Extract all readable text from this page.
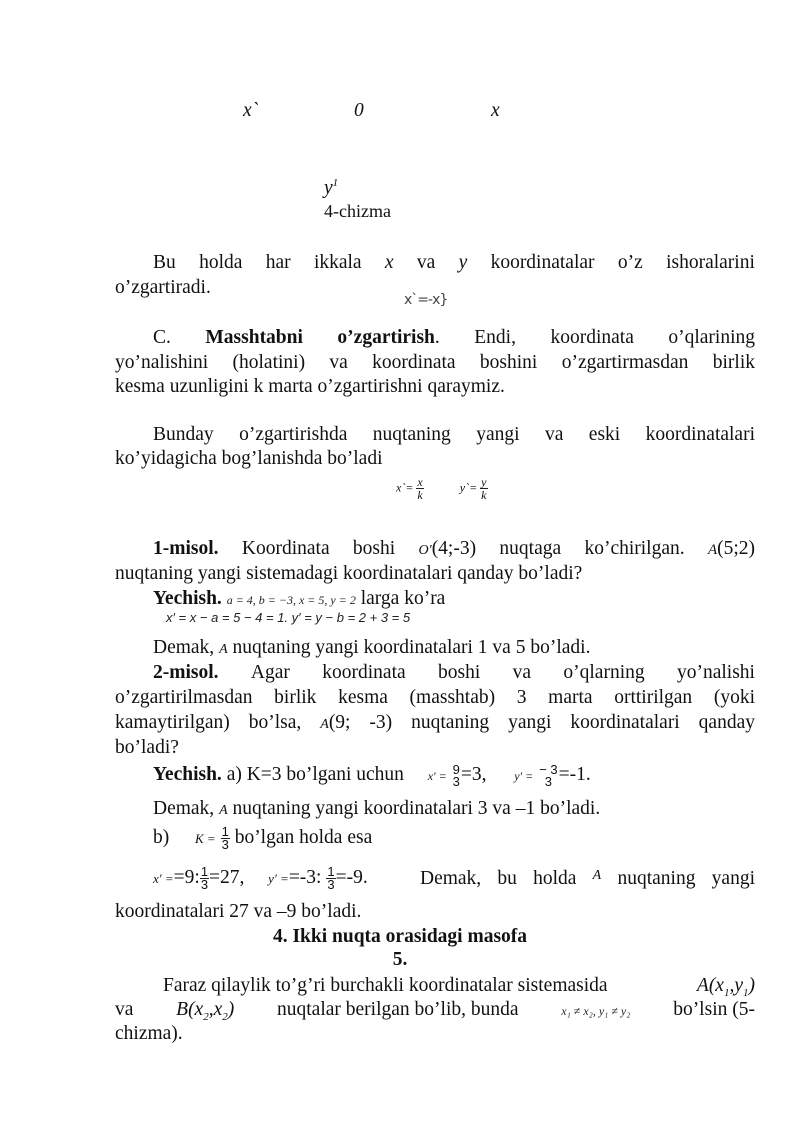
x`	0	x
$y^1$
4-chizma
Bu holda har ikkala x va y koordinatalar o’z ishoralarini
o’zgartiradi.
x`=-x}
C. Masshtabni o’zgartirish. Endi, koordinata o’qlarining
yo’nalishini (holatini) va koordinata boshini o’zgartirmasdan birlik
kesma uzunligini k marta o’zgartirishni qaraymiz.
Bunday o’zgartirishda nuqtaning yangi va eski koordinatalari
ko’yidagicha bog’lanishda bo’ladi
x`= $\frac{x}{k}$	y`= $\frac{y}{k}$
1-misol. Koordinata boshi O′(4;-3) nuqtaga ko’chirilgan. A(5;2)
nuqtaning yangi sistemadagi koordinatalari qanday bo’ladi?
Yechish. a = 4, b = −3, x = 5, y = 2 larga ko’ra
x′ = x − a = 5 − 4 = 1. y′ = y − b = 2 + 3 = 5
Demak, A nuqtaning yangi koordinatalari 1 va 5 bo’ladi.
2-misol. Agar koordinata boshi va o’qlarning yo’nalishi
o’zgartirilmasdan birlik kesma (masshtab) 3 marta orttirilgan (yoki
kamaytirilgan) bo’lsa, A(9; -3) nuqtaning yangi koordinatalari qanday
bo’ladi?
Yechish. a) K=3 bo’lgani uchun x′ = 9
3 =3, y′ = − 3
3 =-1.
Demak, A nuqtaning yangi koordinatalari 3 va –1 bo’ladi.
b) $K = \frac{1}{3}$ bo’lgan holda esa
x′ ==9: $\frac{1}{3} =27$, y′ ==-3: $\frac{1}{3} =-9$.	Demak, bu holda A nuqtaning yangi
koordinatalari 27 va –9 bo’ladi.
4. Ikki nuqta orasidagi masofa
5.
Faraz qilaylik to’g’ri burchakli koordinatalar sistemasida	$A(x_1,y_1)$
va $B(x_2,x_2)$ nuqtalar berilgan bo’lib, bunda	x₁ ≠ x₂, y₁ ≠ y₂ bo’lsin (5-
chizma).
